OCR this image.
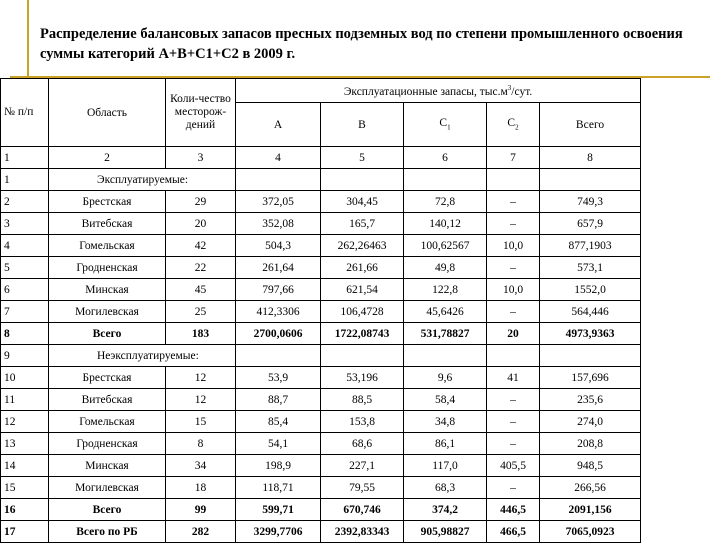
Распределение балансовых запасов пресных подземных вод по степени промышленного освоения суммы категорий A+B+C1+C2 в 2009 г.

№ п/п	Область	Коли-чество месторож-дений	Эксплуатационные запасы, $тыс.м^3$/сут.				
			А	В	$С_1$	$С_2$	Всего
1	2	3	4	5	6	7	8
1	Эксплуатируемые:						
2	Брестская	29	372,05	304,45	72,8	–	749,3
3	Витебская	20	352,08	165,7	140,12	–	657,9
4	Гомельская	42	504,3	262,26463	100,62567	10,0	877,1903
5	Гродненская	22	261,64	261,66	49,8	–	573,1
6	Минская	45	797,66	621,54	122,8	10,0	1552,0
7	Могилевская	25	412,3306	106,4728	45,6426	–	564,446
8	Всего	183	2700,0606	1722,08743	531,78827	20	4973,9363
9	Неэксплуатируемые:						
10	Брестская	12	53,9	53,196	9,6	41	157,696
11	Витебская	12	88,7	88,5	58,4	–	235,6
12	Гомельская	15	85,4	153,8	34,8	–	274,0
13	Гродненская	8	54,1	68,6	86,1	–	208,8
14	Минская	34	198,9	227,1	117,0	405,5	948,5
15	Могилевская	18	118,71	79,55	68,3	–	266,56
16	Всего	99	599,71	670,746	374,2	446,5	2091,156
17	Всего по РБ	282	3299,7706	2392,83343	905,98827	466,5	7065,0923
